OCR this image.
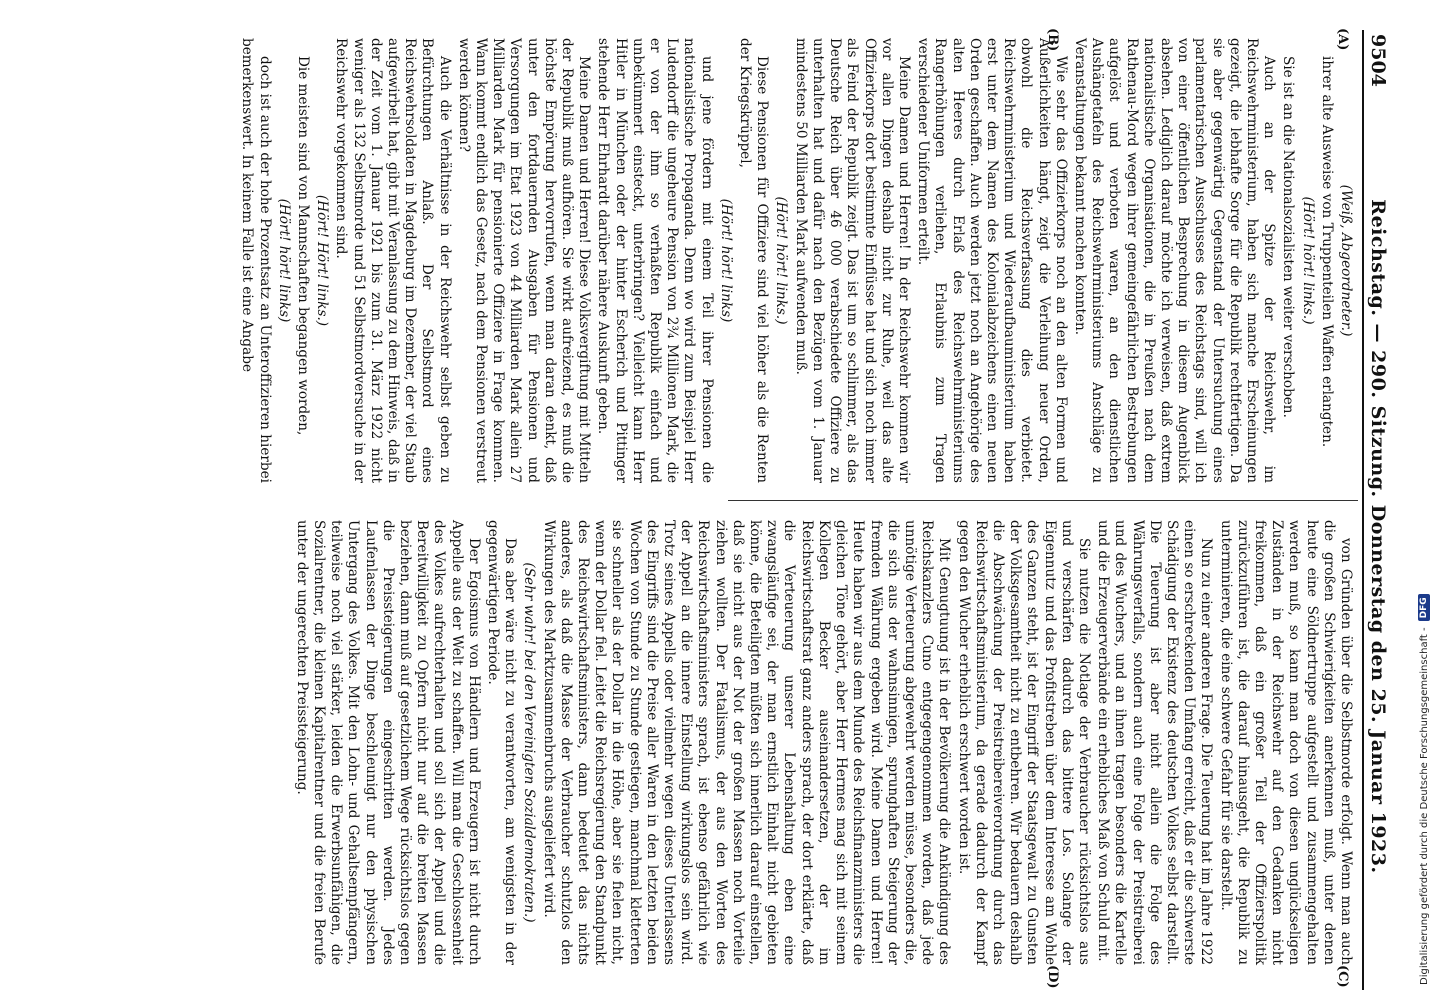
9504
Reichstag. — 290. Sitzung. Donnerstag den 25. Januar 1923.
(A)
(B)
(C)
(D)

(Weiß, Abgeordneter.)

ihrer alte Ausweise von Truppenteilen Waffen erlangten.

(Hört! hört! links.)

Sie ist an die Nationalsozialisten weiter verschoben.

Auch an der Spitze der Reichswehr, im Reichswehrministerium, haben sich manche Erscheinungen gezeigt, die lebhafte Sorge für die Republik rechtfertigen. Da sie aber gegenwärtig Gegenstand der Untersuchung eines parlamentarischen Ausschusses des Reichstags sind, will ich von einer öffentlichen Besprechung in diesem Augenblick absehen. Lediglich darauf möchte ich verweisen, daß extrem nationalistische Organisationen, die in Preußen nach dem Rathenau-Mord wegen ihrer gemeingefährlichen Bestrebungen aufgelöst und verboten waren, an den dienstlichen Aushängetafeln des Reichswehrministeriums Anschläge zu Veranstaltungen bekannt machen konnten.

Wie sehr das Offizierkorps noch an den alten Formen und Äußerlichkeiten hängt, zeigt die Verleihung neuer Orden, obwohl die Reichsverfassung dies verbietet. Reichswehrministerium und Wiederaufbauministerium haben erst unter dem Namen des Kolonialabzeichens einen neuen Orden geschaffen. Auch werden jetzt noch an Angehörige des alten Heeres durch Erlaß des Reichswehrministeriums Rangerhöhungen verliehen, Erlaubnis zum Tragen verschiedener Uniformen erteilt.

Meine Damen und Herren! In der Reichswehr kommen wir vor allen Dingen deshalb nicht zur Ruhe, weil das alte Offizierkorps dort bestimmte Einflüsse hat und sich noch immer als Feind der Republik zeigt. Das ist um so schlimmer, als das Deutsche Reich über 46 000 verabschiedete Offiziere zu unterhalten hat und dafür nach den Bezügen vom 1. Januar mindestens 50 Milliarden Mark aufwenden muß.

(Hört! hört! links.)

Diese Pensionen für Offiziere sind viel höher als die Renten der Kriegskrüppel,

(Hört! hört! links)

und jene fördern mit einem Teil ihrer Pensionen die nationalistische Propaganda. Denn wo wird zum Beispiel Herr Ludendorff die ungeheure Pension von 2¾ Millionen Mark, die er von der ihm so verhaßten Republik einfach und unbekümmert einsteckt, unterbringen? Vielleicht kann Herr Hitler in München oder der hinter Escherich und Pittinger stehende Herr Ehrhardt darüber nähere Auskunft geben.

Meine Damen und Herren! Diese Volksvergiftung mit Mitteln der Republik muß aufhören. Sie wirkt aufreizend, es muß die höchste Empörung hervorrufen, wenn man daran denkt, daß unter den fortdauernden Ausgaben für Pensionen und Versorgungen im Etat 1923 von 44 Milliarden Mark allein 27 Milliarden Mark für pensionierte Offiziere in Frage kommen. Wann kommt endlich das Gesetz, nach dem Pensionen verstreut werden können?

Auch die Verhältnisse in der Reichswehr selbst geben zu Befürchtungen Anlaß. Der Selbstmord eines Reichswehrsoldaten in Magdeburg im Dezember, der viel Staub aufgewirbelt hat, gibt mit Veranlassung zu dem Hinweis, daß in der Zeit vom 1. Januar 1921 bis zum 31. März 1922 nicht weniger als 132 Selbstmorde und 51 Selbstmordversuche in der Reichswehr vorgekommen sind.

(Hört! Hört! links.)

Die meisten sind von Mannschaften begangen worden,

(Hört! hört! links)

doch ist auch der hohe Prozentsatz an Unteroffizieren hierbei bemerkenswert. In keinem Falle ist eine Angabe

von Gründen über die Selbstmorde erfolgt. Wenn man auch die großen Schwierigkeiten anerkennen muß, unter denen heute eine Söldnertruppe aufgestellt und zusammengehalten werden muß, so kann man doch von diesen unglückseligen Zuständen in der Reichswehr auf den Gedanken nicht freikommen, daß ein großer Teil der Offizierspolitik zurückzuführen ist, die darauf hinausgeht, die Republik zu unterminieren, die eine schwere Gefahr für sie darstellt.

Nun zu einer anderen Frage. Die Teuerung hat im Jahre 1922 einen so erschreckenden Umfang erreicht, daß er die schwerste Schädigung der Existenz des deutschen Volkes selbst darstellt. Die Teuerung ist aber nicht allein die Folge des Währungsverfalls, sondern auch eine Folge der Preistreiberei und des Wuchers, und an ihnen tragen besonders die Kartelle und die Erzeugerverbände ein erhebliches Maß von Schuld mit.

Sie nutzen die Notlage der Verbraucher rücksichtslos aus und verschärfen dadurch das bittere Los. Solange der Eigennutz und das Profitstreben über dem Interesse am Wohle des Ganzen steht, ist der Eingriff der Staatsgewalt zu Gunsten der Volksgesamtheit nicht zu entbehren. Wir bedauern deshalb die Abschwächung der Preistreibereiverordnung durch das Reichswirtschaftsministerium, da gerade dadurch der Kampf gegen den Wucher erheblich erschwert worden ist.

Mit Genugtuung ist in der Bevölkerung die Ankündigung des Reichskanzlers Cuno entgegengenommen worden, daß jede unnötige Verteuerung abgewehrt werden müsse, besonders die, die sich aus der wahnsinnigen, sprunghaften Steigerung der fremden Währung ergeben wird. Meine Damen und Herren! Heute haben wir aus dem Munde des Reichsfinanzministers die gleichen Töne gehört, aber Herr Hermes mag sich mit seinem Kollegen Becker auseinandersetzen, der im Reichswirtschaftsrat ganz anders sprach, der dort erklärte, daß die Verteuerung unserer Lebenshaltung eben eine zwangsläufige sei, der man ernstlich Einhalt nicht gebieten könne, die Beteiligten müßten sich innerlich darauf einstellen, daß sie nicht aus der Not der großen Massen noch Vorteile ziehen wollten. Der Fatalismus, der aus den Worten des Reichswirtschaftsministers sprach, ist ebenso gefährlich wie der Appell an die innere Einstellung wirkungslos sein wird. Trotz seines Appells oder vielmehr wegen dieses Unterlassens des Eingriffs sind die Preise aller Waren in den letzten beiden Wochen von Stunde zu Stunde gestiegen, manchmal kletterten sie schneller als der Dollar in die Höhe, aber sie fielen nicht, wenn der Dollar fiel. Leitet die Reichsregierung den Standpunkt des Reichswirtschaftsministers, dann bedeutet das nichts anderes, als daß die Masse der Verbraucher schutzlos den Wirkungen des Marktzusammenbruchs ausgeliefert wird.

(Sehr wahr! bei den Vereinigten Sozialdemokraten.)

Das aber wäre nicht zu verantworten, am wenigsten in der gegenwärtigen Periode.

Der Egoismus von Händlern und Erzeugern ist nicht durch Appelle aus der Welt zu schaffen. Will man die Geschlossenheit des Volkes aufrechterhalten und soll sich der Appell und die Bereitwilligkeit zu Opfern nicht nur auf die breiten Massen beziehen, dann muß auf gesetzlichem Wege rücksichtslos gegen die Preissteigerungen eingeschritten werden. Jedes Laufenlassen der Dinge beschleunigt nur den physischen Untergang des Volkes. Mit den Lohn- und Gehaltsempfängern, teilweise noch viel stärker, leiden die Erwerbsunfähigen, die Sozialrentner, die kleinen Kapitalrentner und die freien Berufe unter der ungerechten Preissteigerung.	Digitalisierung gefördert durch die Deutsche Forschungsgemeinschaft -
DFG
